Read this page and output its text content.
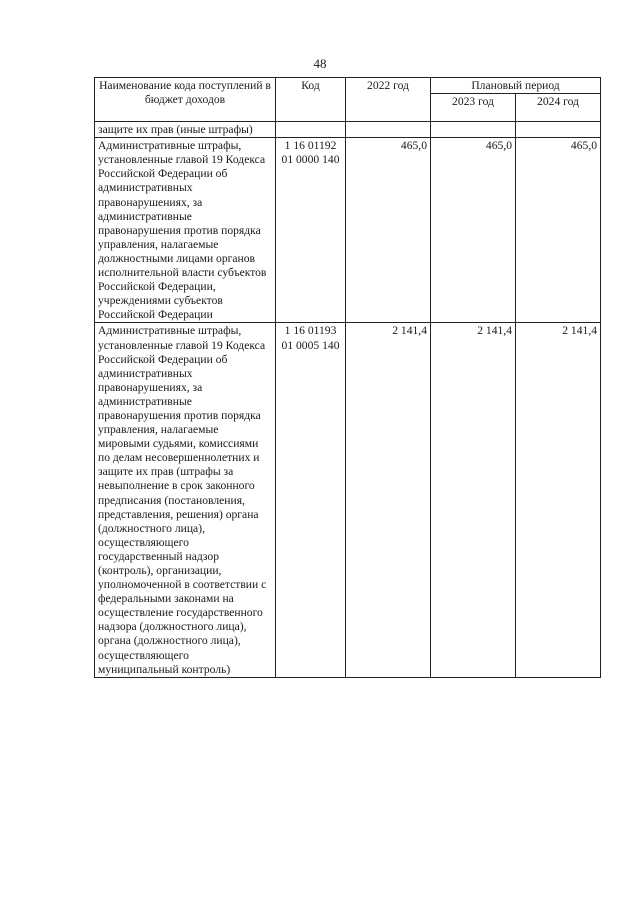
48
Наименование кода поступлений в бюджет доходов	Код	2022 год	Плановый период	
			2023 год	2024 год
защите их прав (иные штрафы)				
Административные штрафы, установленные главой 19 Кодекса Российской Федерации об административных правонарушениях, за административные правонарушения против порядка управления, налагаемые должностными лицами органов исполнительной власти субъектов Российской Федерации, учреждениями субъектов Российской Федерации	1 16 01192 01 0000 140	465,0	465,0	465,0
Административные штрафы, установленные главой 19 Кодекса Российской Федерации об административных правонарушениях, за административные правонарушения против порядка управления, налагаемые мировыми судьями, комиссиями по делам несовершеннолетних и защите их прав (штрафы за невыполнение в срок законного предписания (постановления, представления, решения) органа (должностного лица), осуществляющего государственный надзор (контроль), организации, уполномоченной в соответствии с федеральными законами на осуществление государственного надзора (должностного лица), органа (должностного лица), осуществляющего муниципальный контроль)	1 16 01193 01 0005 140	2 141,4	2 141,4	2 141,4
